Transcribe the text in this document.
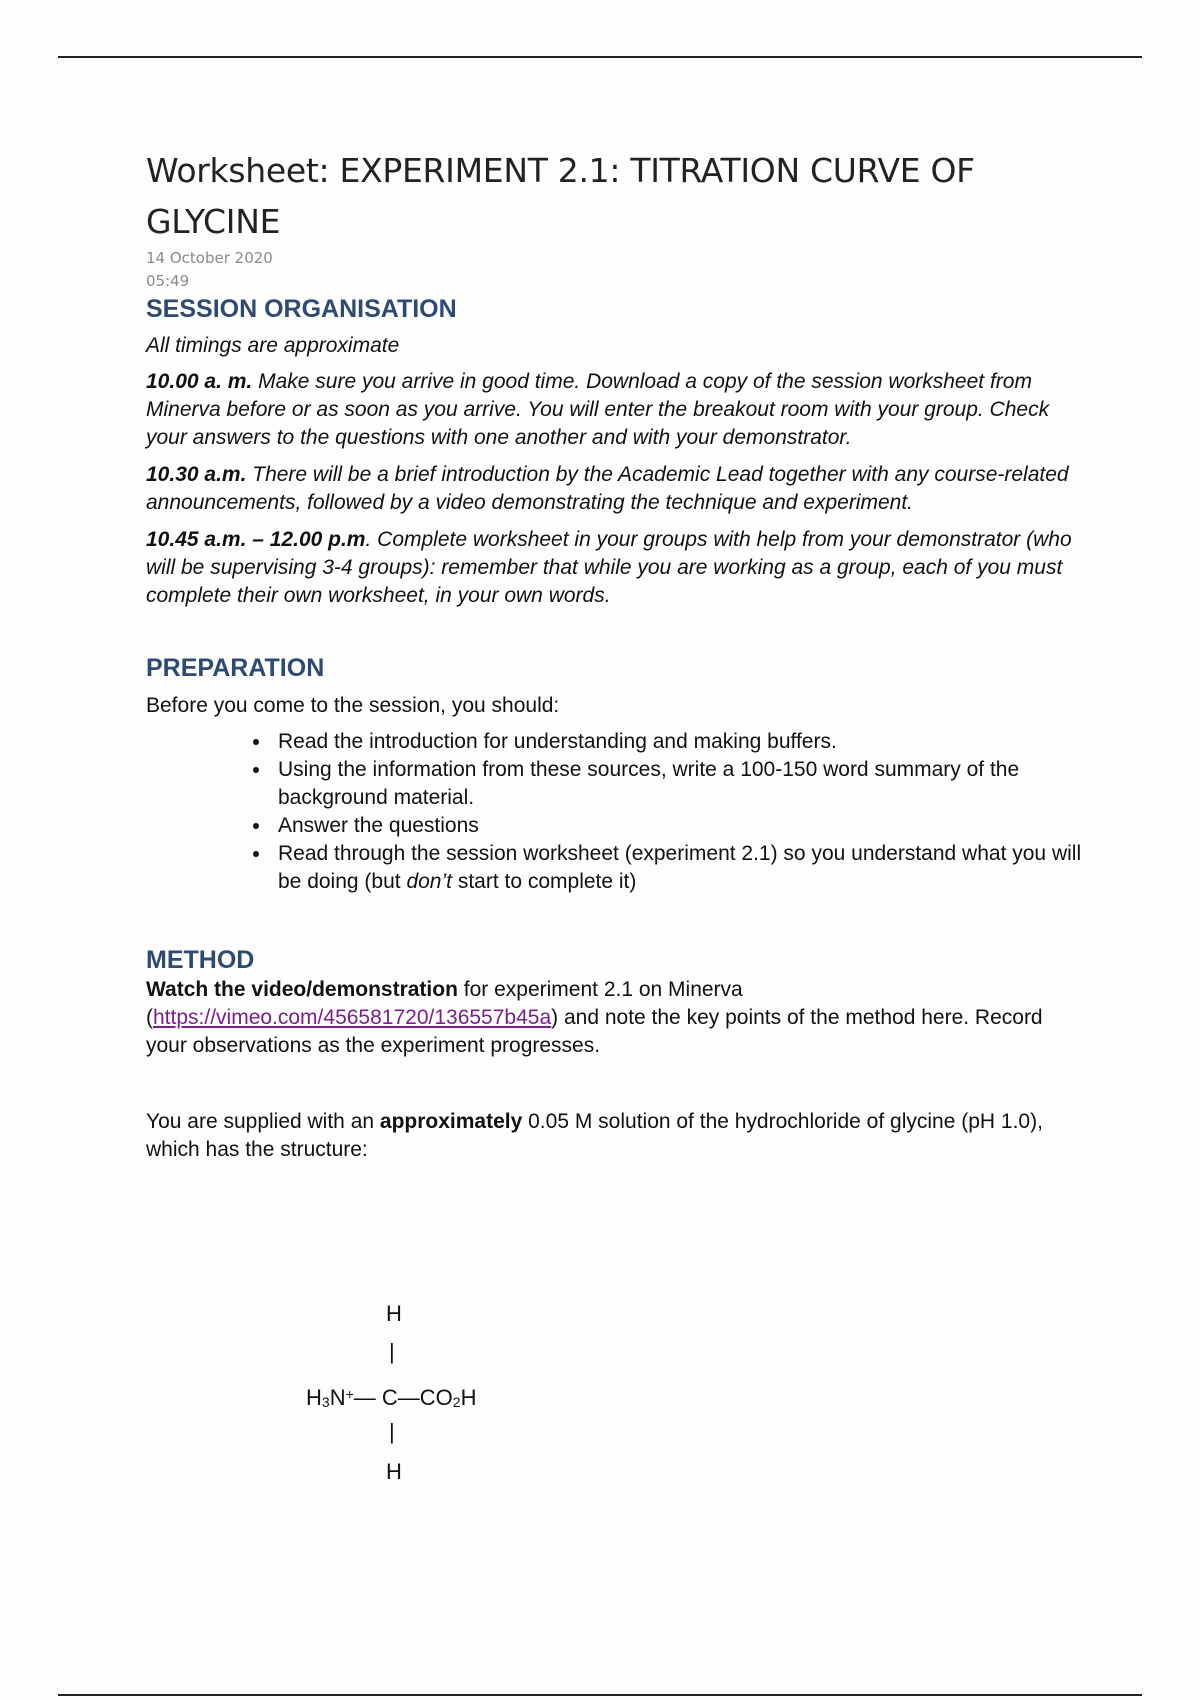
Worksheet: EXPERIMENT 2.1: TITRATION CURVE OF GLYCINE
14 October 2020
05:49
SESSION ORGANISATION

All timings are approximate

10.00 a. m. Make sure you arrive in good time. Download a copy of the session worksheet from Minerva before or as soon as you arrive. You will enter the breakout room with your group. Check your answers to the questions with one another and with your demonstrator.

10.30 a.m. There will be a brief introduction by the Academic Lead together with any course-related announcements, followed by a video demonstrating the technique and experiment.

10.45 a.m. – 12.00 p.m. Complete worksheet in your groups with help from your demonstrator (who will be supervising 3-4 groups): remember that while you are working as a group, each of you must complete their own worksheet, in your own words.

PREPARATION

Before you come to the session, you should:

• Read the introduction for understanding and making buffers.
• Using the information from these sources, write a 100-150 word summary of the background material.
• Answer the questions
• Read through the session worksheet (experiment 2.1) so you understand what you will be doing (but don’t start to complete it)
METHOD

Watch the video/demonstration for experiment 2.1 on Minerva (https://vimeo.com/456581720/136557b45a) and note the key points of the method here. Record your observations as the experiment progresses.

You are supplied with an approximately 0.05 M solution of the hydrochloride of glycine (pH 1.0), which has the structure:

H
|
$H_3N^+—$ $C—CO_2H$
|
H
